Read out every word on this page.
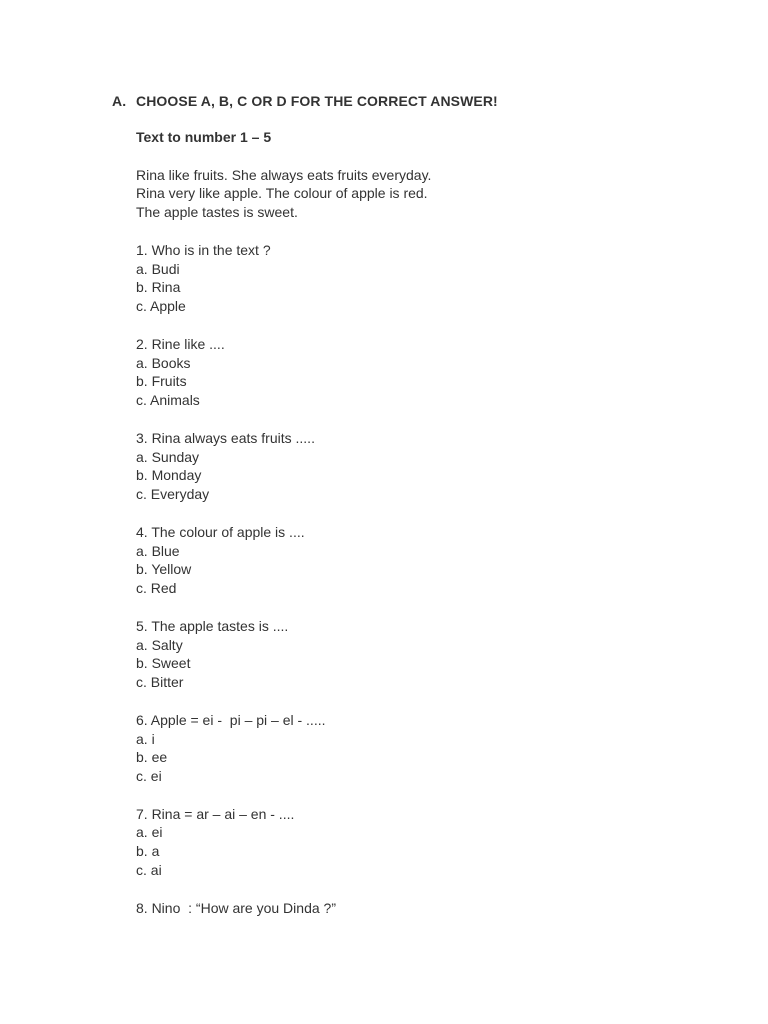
A. CHOOSE A, B, C OR D FOR THE CORRECT ANSWER!
Text to number 1 – 5
Rina like fruits. She always eats fruits everyday.
Rina very like apple. The colour of apple is red.
The apple tastes is sweet.
1. Who is in the text ?
a. Budi
b. Rina
c. Apple
2. Rine like ....
a. Books
b. Fruits
c. Animals
3. Rina always eats fruits .....
a. Sunday
b. Monday
c. Everyday
4. The colour of apple is ....
a. Blue
b. Yellow
c. Red
5. The apple tastes is ....
a. Salty
b. Sweet
c. Bitter
6. Apple = ei -  pi – pi – el - .....
a. i
b. ee
c. ei
7. Rina = ar – ai – en - ....
a. ei
b. a
c. ai
8. Nino  : “How are you Dinda ?”
